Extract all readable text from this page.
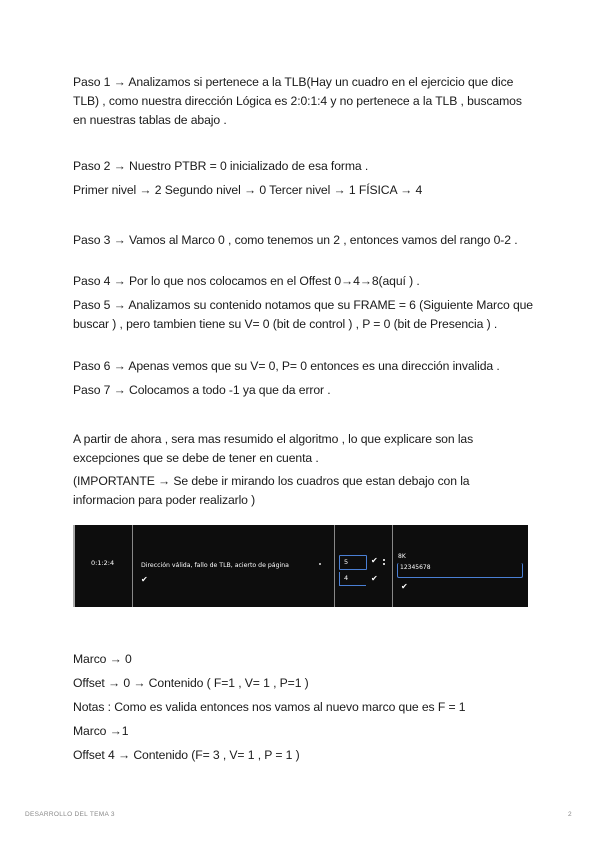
Paso 1 → Analizamos si pertenece a la TLB(Hay un cuadro en el ejercicio que dice TLB) , como nuestra dirección Lógica es 2:0:1:4 y no pertenece a la TLB , buscamos en nuestras tablas de abajo .
Paso 2 → Nuestro PTBR = 0 inicializado de esa forma .
Primer nivel → 2 Segundo nivel → 0 Tercer nivel → 1 FÍSICA → 4
Paso 3 → Vamos al Marco 0 , como tenemos un 2 , entonces vamos del rango 0-2 .
Paso 4 → Por lo que nos colocamos en el Offest 0→4→8(aquí ) .
Paso 5 → Analizamos su contenido notamos que su FRAME = 6 (Siguiente Marco que buscar ) , pero tambien tiene su V= 0 (bit de control ) , P = 0 (bit de Presencia ) .
Paso 6 → Apenas vemos que su V= 0, P= 0 entonces es una dirección invalida .
Paso 7 → Colocamos a todo -1 ya que da error .
A partir de ahora , sera mas resumido el algoritmo , lo que explicare son las excepciones que se debe de tener en cuenta .
(IMPORTANTE → Se debe ir mirando los cuadros que estan debajo con la informacion para poder realizarlo )
0:1:2:4	Dirección válida, fallo de TLB, acierto de página
✔
5	✔
4	✔
8K
12345678
✔
Marco → 0
Offset → 0 → Contenido ( F=1 , V= 1 , P=1 )
Notas : Como es valida entonces nos vamos al nuevo marco que es F = 1
Marco →1
Offset 4 → Contenido (F= 3 , V= 1 , P = 1 )
DESARROLLO DEL TEMA 3	2
